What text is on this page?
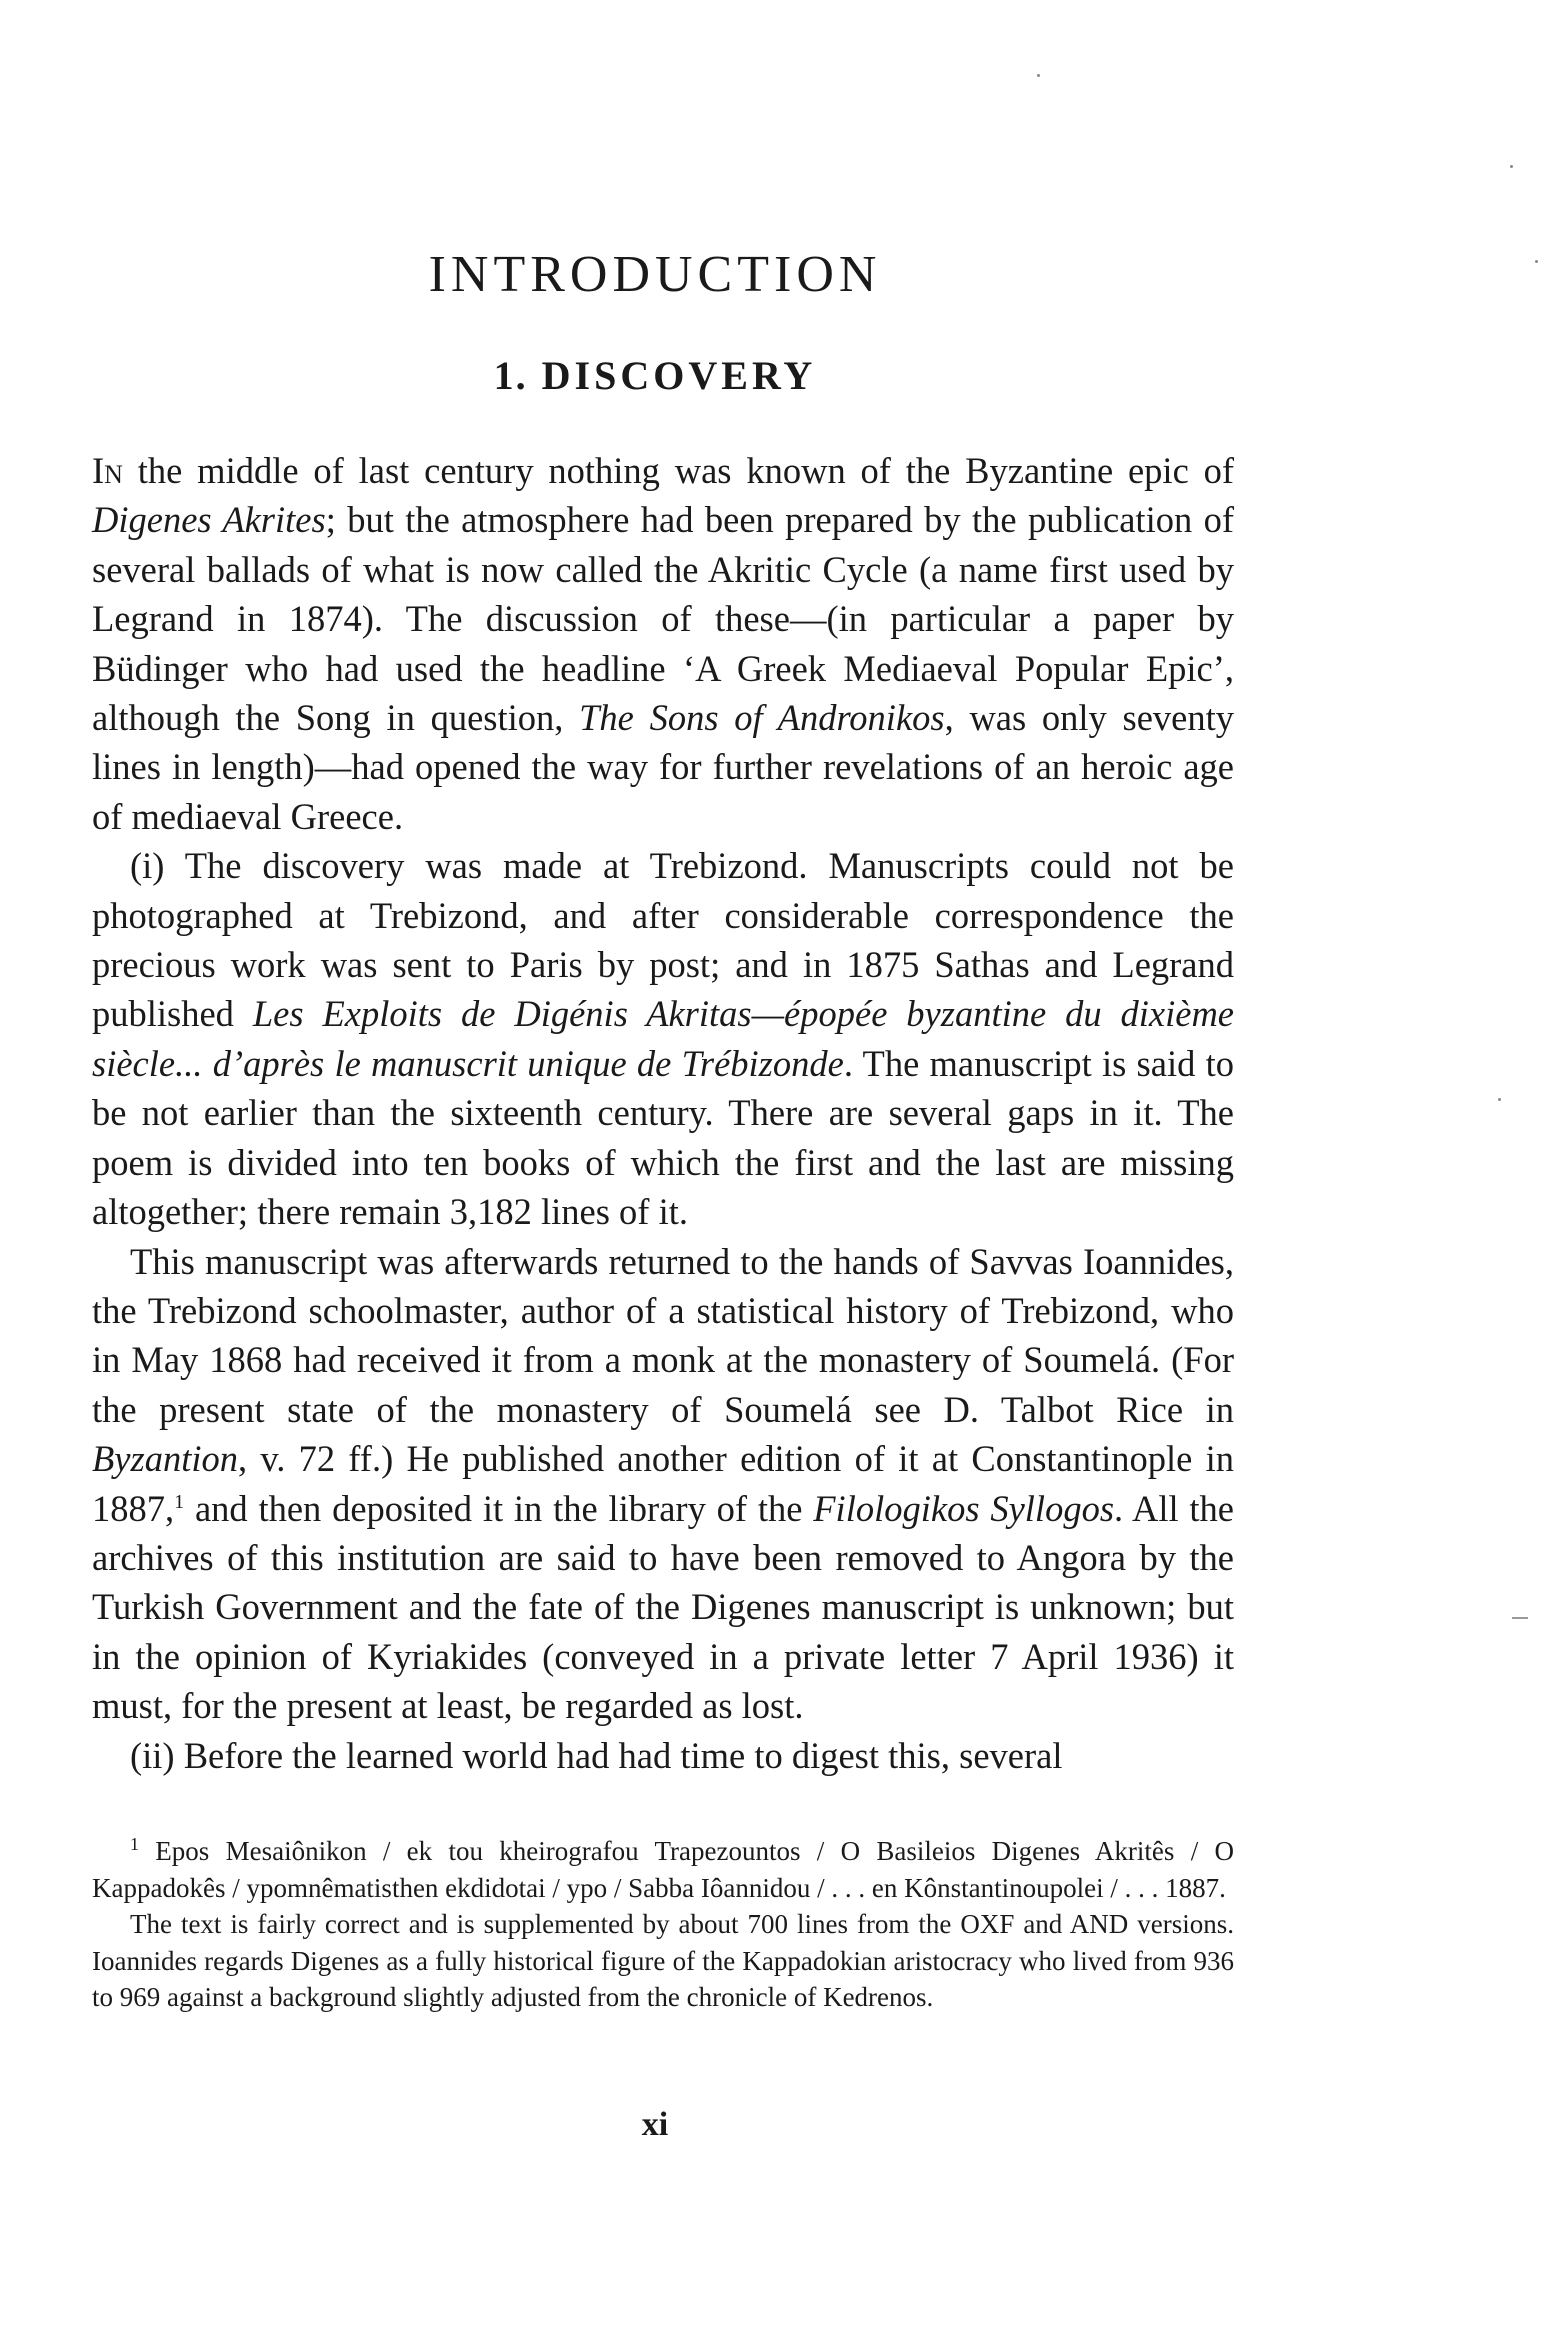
INTRODUCTION
1. DISCOVERY

In the middle of last century nothing was known of the Byzantine epic of Digenes Akrites; but the atmosphere had been prepared by the publication of several ballads of what is now called the Akritic Cycle (a name first used by Legrand in 1874). The discussion of these—(in particular a paper by Büdinger who had used the headline ‘A Greek Mediaeval Popular Epic’, although the Song in question, The Sons of Andronikos, was only seventy lines in length)—had opened the way for further revelations of an heroic age of mediaeval Greece.

(i) The discovery was made at Trebizond. Manuscripts could not be photographed at Trebizond, and after considerable correspondence the precious work was sent to Paris by post; and in 1875 Sathas and Legrand published Les Exploits de Digénis Akritas—épopée byzantine du dixième siècle... d’après le manuscrit unique de Trébizonde. The manuscript is said to be not earlier than the sixteenth century. There are several gaps in it. The poem is divided into ten books of which the first and the last are missing altogether; there remain 3,182 lines of it.

This manuscript was afterwards returned to the hands of Savvas Ioannides, the Trebizond schoolmaster, author of a statistical history of Trebizond, who in May 1868 had received it from a monk at the monastery of Soumelá. (For the present state of the monastery of Soumelá see D. Talbot Rice in Byzantion, v. 72 ff.) He published another edition of it at Constantinople in 1887,$^1$ and then deposited it in the library of the Filologikos Syllogos. All the archives of this institution are said to have been removed to Angora by the Turkish Government and the fate of the Digenes manuscript is unknown; but in the opinion of Kyriakides (conveyed in a private letter 7 April 1936) it must, for the present at least, be regarded as lost.

(ii) Before the learned world had had time to digest this, several

$^1$ Epos Mesaiônikon / ek tou kheirografou Trapezountos / O Basileios Digenes Akritês / O Kappadokês / ypomnêmatisthen ekdidotai / ypo / Sabba Iôannidou / . . . en Kônstantinoupolei / . . . 1887.

The text is fairly correct and is supplemented by about 700 lines from the OXF and AND versions. Ioannides regards Digenes as a fully historical figure of the Kappadokian aristocracy who lived from 936 to 969 against a background slightly adjusted from the chronicle of Kedrenos.

xi
